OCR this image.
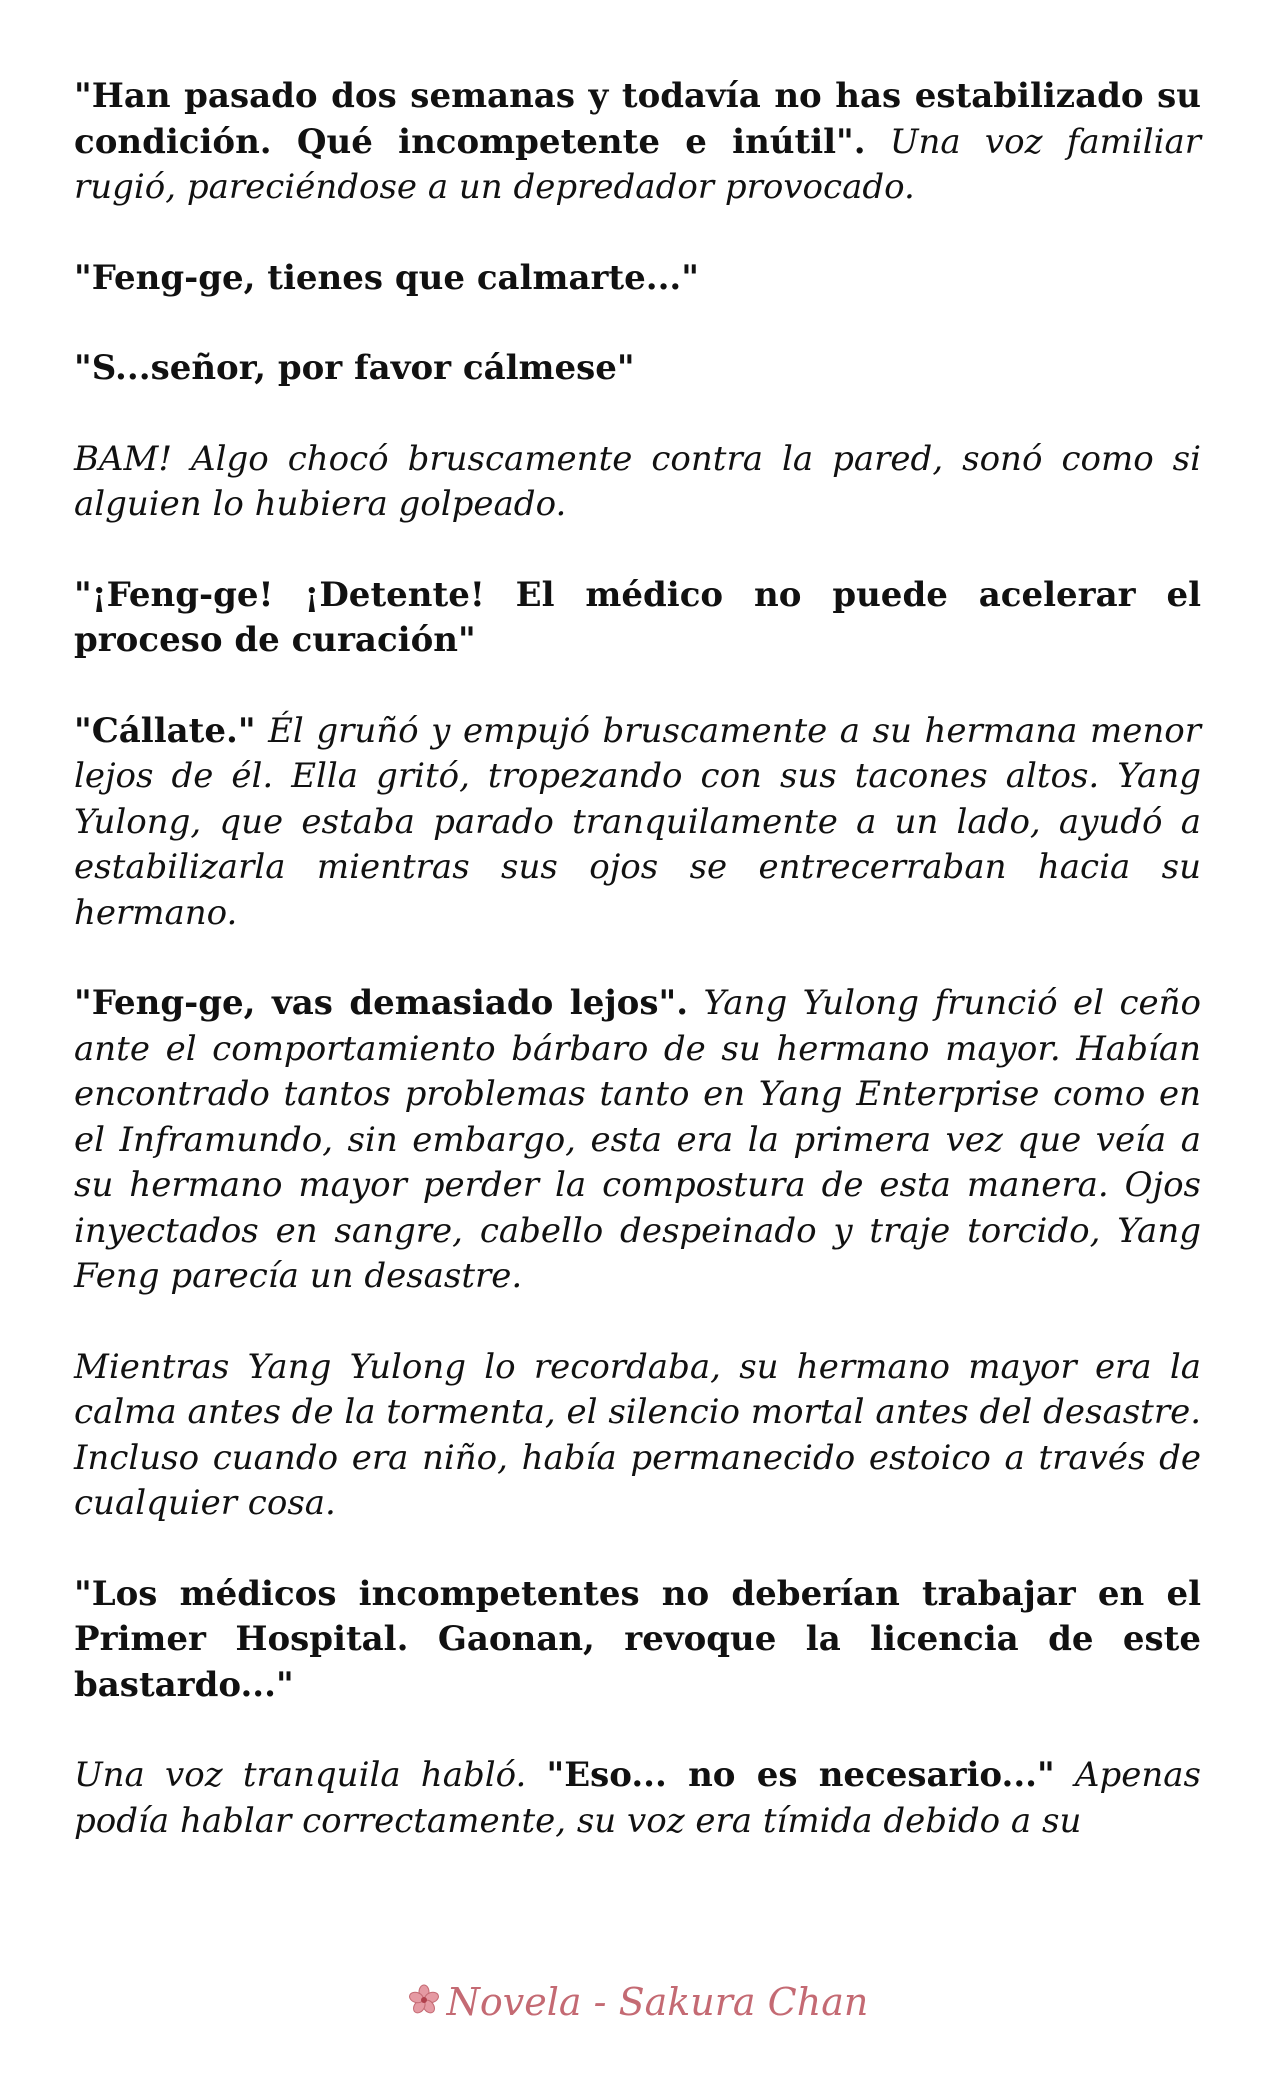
"Han pasado dos semanas y todavía no has estabilizado su condición. Qué incompetente e inútil". Una voz familiar rugió, pareciéndose a un depredador provocado.

"Feng-ge, tienes que calmarte..."

"S...señor, por favor cálmese"

BAM! Algo chocó bruscamente contra la pared, sonó como si alguien lo hubiera golpeado.

"¡Feng-ge! ¡Detente! El médico no puede acelerar el proceso de curación"

"Cállate." Él gruñó y empujó bruscamente a su hermana menor lejos de él. Ella gritó, tropezando con sus tacones altos. Yang Yulong, que estaba parado tranquilamente a un lado, ayudó a estabilizarla mientras sus ojos se entrecerraban hacia su hermano.

"Feng-ge, vas demasiado lejos". Yang Yulong frunció el ceño ante el comportamiento bárbaro de su hermano mayor. Habían encontrado tantos problemas tanto en Yang Enterprise como en el Inframundo, sin embargo, esta era la primera vez que veía a su hermano mayor perder la compostura de esta manera. Ojos inyectados en sangre, cabello despeinado y traje torcido, Yang Feng parecía un desastre.

Mientras Yang Yulong lo recordaba, su hermano mayor era la calma antes de la tormenta, el silencio mortal antes del desastre. Incluso cuando era niño, había permanecido estoico a través de cualquier cosa.

"Los médicos incompetentes no deberían trabajar en el Primer Hospital. Gaonan, revoque la licencia de este bastardo..."

Una voz tranquila habló. "Eso... no es necesario..." Apenas podía hablar correctamente, su voz era tímida debido a su

Novela - Sakura Chan
